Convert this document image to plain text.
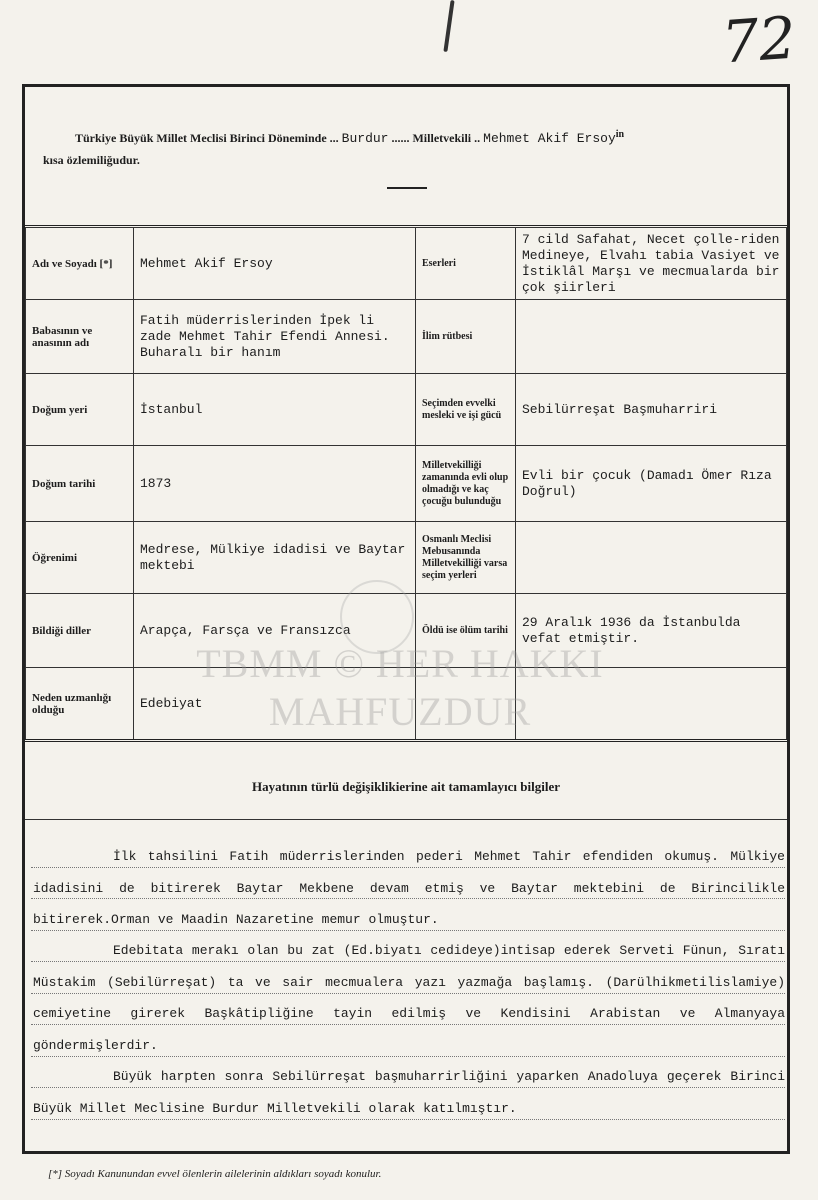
72
Türkiye Büyük Millet Meclisi Birinci Döneminde ... Burdur ...... Milletvekili .. Mehmet Akif Ersoy$^{in}$
kısa özlemiliğudur.
Adı ve Soyadı [*]	Mehmet Akif Ersoy	Eserleri	7 cild Safahat, Necet çolle-riden Medineye, Elvahı tabia Vasiyet ve İstiklâl Marşı ve mecmualarda bir çok şiirleri
Babasının ve anasının adı	Fatih müderrislerinden İpek li zade Mehmet Tahir Efendi Annesi. Buharalı bir hanım	İlim rütbesi	
Doğum yeri	İstanbul	Seçimden evvelki mesleki ve işi gücü	Sebilürreşat Başmuharriri
Doğum tarihi	1873	Milletvekilliği zamanında evli olup olmadığı ve kaç çocuğu bulunduğu	Evli bir çocuk (Damadı Ömer Rıza Doğrul)
Öğrenimi	Medrese, Mülkiye idadisi ve Baytar mektebi	Osmanlı Meclisi Mebusanında Milletvekilliği varsa seçim yerleri	
Bildiği diller	Arapça, Farsça ve Fransızca	Öldü ise ölüm tarihi	29 Aralık 1936 da İstanbulda vefat etmiştir.
Neden uzmanlığı olduğu	Edebiyat		
Hayatının türlü değişiklikierine ait tamamlayıcı bilgiler
İlk tahsilini Fatih müderrislerinden pederi Mehmet Tahir efendiden okumuş. Mülkiye idadisini de bitirerek Baytar Mekbene devam etmiş ve Baytar mektebini de Birincilikle bitirerek.Orman ve Maadin Nazaretine memur olmuştur.
Edebitata merakı olan bu zat (Ed.biyatı cedideye)intisap ederek Serveti Fünun, Sıratı Müstakim (Sebilürreşat) ta ve sair mecmualera yazı yazmağa başlamış. (Darülhikmetilislamiye) cemiyetine girerek Başkâtipliğine tayin edilmiş ve Kendisini Arabistan ve Almanyaya göndermişlerdir.
Büyük harpten sonra Sebilürreşat başmuharrirliğini yaparken Anadoluya geçerek Birinci Büyük Millet Meclisine Burdur Milletvekili olarak katılmıştır.
TBMM © HER HAKKI
MAHFUZDUR
[*] Soyadı Kanunundan evvel ölenlerin ailelerinin aldıkları soyadı konulur.
